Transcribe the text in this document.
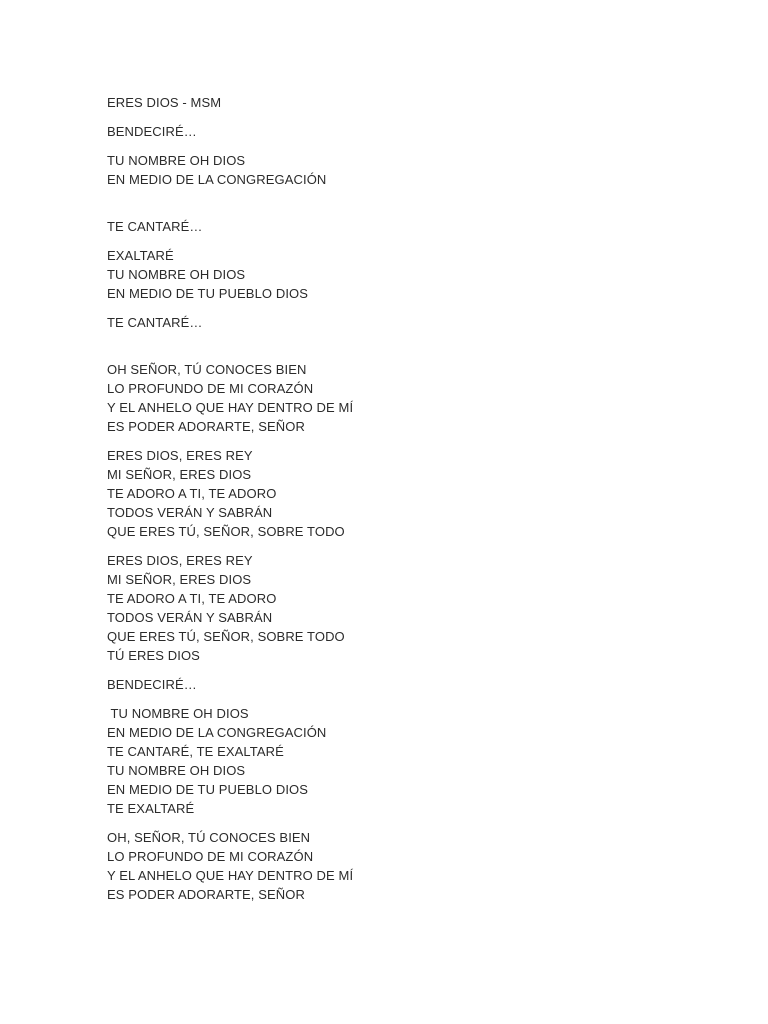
ERES DIOS - MSM
BENDECIRÉ…
TU NOMBRE OH DIOS
EN MEDIO DE LA CONGREGACIÓN
TE CANTARÉ…
EXALTARÉ
TU NOMBRE OH DIOS
EN MEDIO DE TU PUEBLO DIOS
TE CANTARÉ…
OH SEÑOR, TÚ CONOCES BIEN
LO PROFUNDO DE MI CORAZÓN
Y EL ANHELO QUE HAY DENTRO DE MÍ
ES PODER ADORARTE, SEÑOR
ERES DIOS, ERES REY
MI SEÑOR, ERES DIOS
TE ADORO A TI, TE ADORO
TODOS VERÁN Y SABRÁN
QUE ERES TÚ, SEÑOR, SOBRE TODO
ERES DIOS, ERES REY
MI SEÑOR, ERES DIOS
TE ADORO A TI, TE ADORO
TODOS VERÁN Y SABRÁN
QUE ERES TÚ, SEÑOR, SOBRE TODO
TÚ ERES DIOS
BENDECIRÉ…
TU NOMBRE OH DIOS
EN MEDIO DE LA CONGREGACIÓN
TE CANTARÉ, TE EXALTARÉ
TU NOMBRE OH DIOS
EN MEDIO DE TU PUEBLO DIOS
TE EXALTARÉ
OH, SEÑOR, TÚ CONOCES BIEN
LO PROFUNDO DE MI CORAZÓN
Y EL ANHELO QUE HAY DENTRO DE MÍ
ES PODER ADORARTE, SEÑOR
